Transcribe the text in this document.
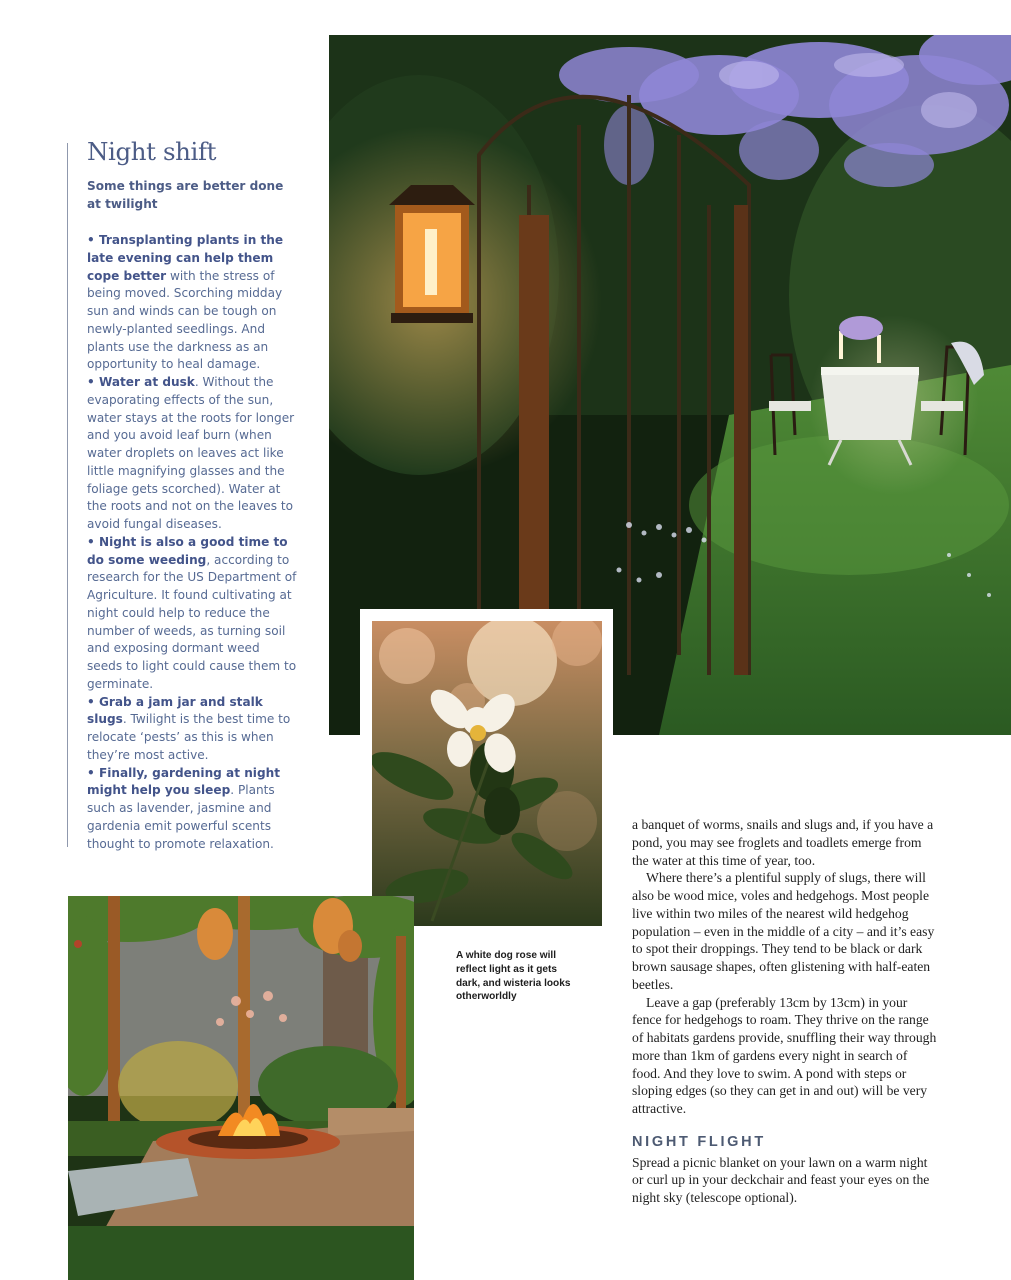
Night shift

Some things are better done at twilight

• Transplanting plants in the late evening can help them cope better with the stress of being moved. Scorching midday sun and winds can be tough on newly-planted seedlings. And plants use the darkness as an opportunity to heal damage.

• Water at dusk. Without the evaporating effects of the sun, water stays at the roots for longer and you avoid leaf burn (when water droplets on leaves act like little magnifying glasses and the foliage gets scorched). Water at the roots and not on the leaves to avoid fungal diseases.

• Night is also a good time to do some weeding, according to research for the US Department of Agriculture. It found cultivating at night could help to reduce the number of weeds, as turning soil and exposing dormant weed seeds to light could cause them to germinate.

• Grab a jam jar and stalk slugs. Twilight is the best time to relocate ‘pests’ as this is when they’re most active.

• Finally, gardening at night might help you sleep. Plants such as lavender, jasmine and gardenia emit powerful scents thought to promote relaxation.

A white dog rose will reflect light as it gets dark, and wisteria looks otherworldly

a banquet of worms, snails and slugs and, if you have a pond, you may see froglets and toadlets emerge from the water at this time of year, too.

Where there’s a plentiful supply of slugs, there will also be wood mice, voles and hedgehogs. Most people live within two miles of the nearest wild hedgehog population – even in the middle of a city – and it’s easy to spot their droppings. They tend to be black or dark brown sausage shapes, often glistening with half-eaten beetles.

Leave a gap (preferably 13cm by 13cm) in your fence for hedgehogs to roam. They thrive on the range of habitats gardens provide, snuffling their way through more than 1km of gardens every night in search of food. And they love to swim. A pond with steps or sloping edges (so they can get in and out) will be very attractive.

NIGHT FLIGHT

Spread a picnic blanket on your lawn on a warm night or curl up in your deckchair and feast your eyes on the night sky (telescope optional).
